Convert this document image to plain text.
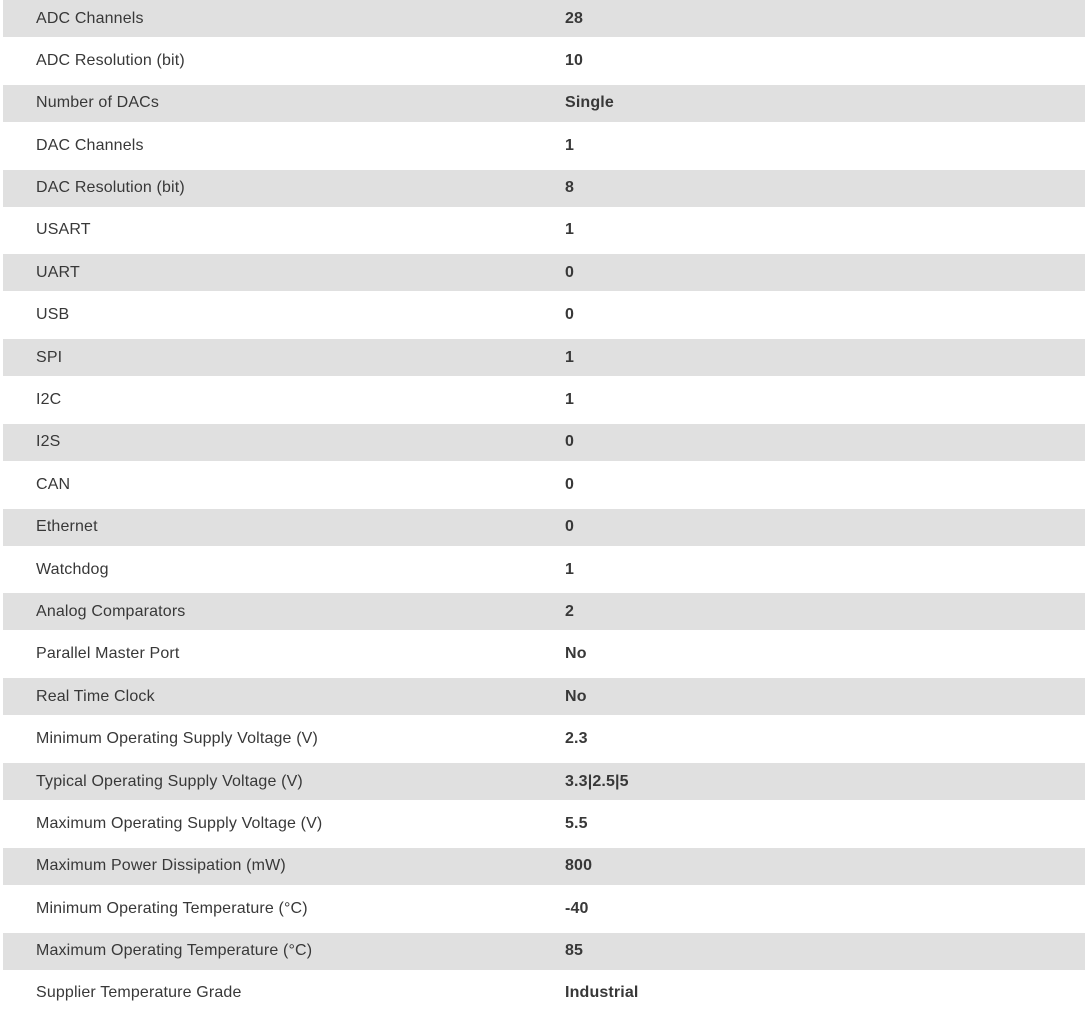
ADC Channels	28
ADC Resolution (bit)	10
Number of DACs	Single
DAC Channels	1
DAC Resolution (bit)	8
USART	1
UART	0
USB	0
SPI	1
I2C	1
I2S	0
CAN	0
Ethernet	0
Watchdog	1
Analog Comparators	2
Parallel Master Port	No
Real Time Clock	No
Minimum Operating Supply Voltage (V)	2.3
Typical Operating Supply Voltage (V)	3.3|2.5|5
Maximum Operating Supply Voltage (V)	5.5
Maximum Power Dissipation (mW)	800
Minimum Operating Temperature (°C)	-40
Maximum Operating Temperature (°C)	85
Supplier Temperature Grade	Industrial
